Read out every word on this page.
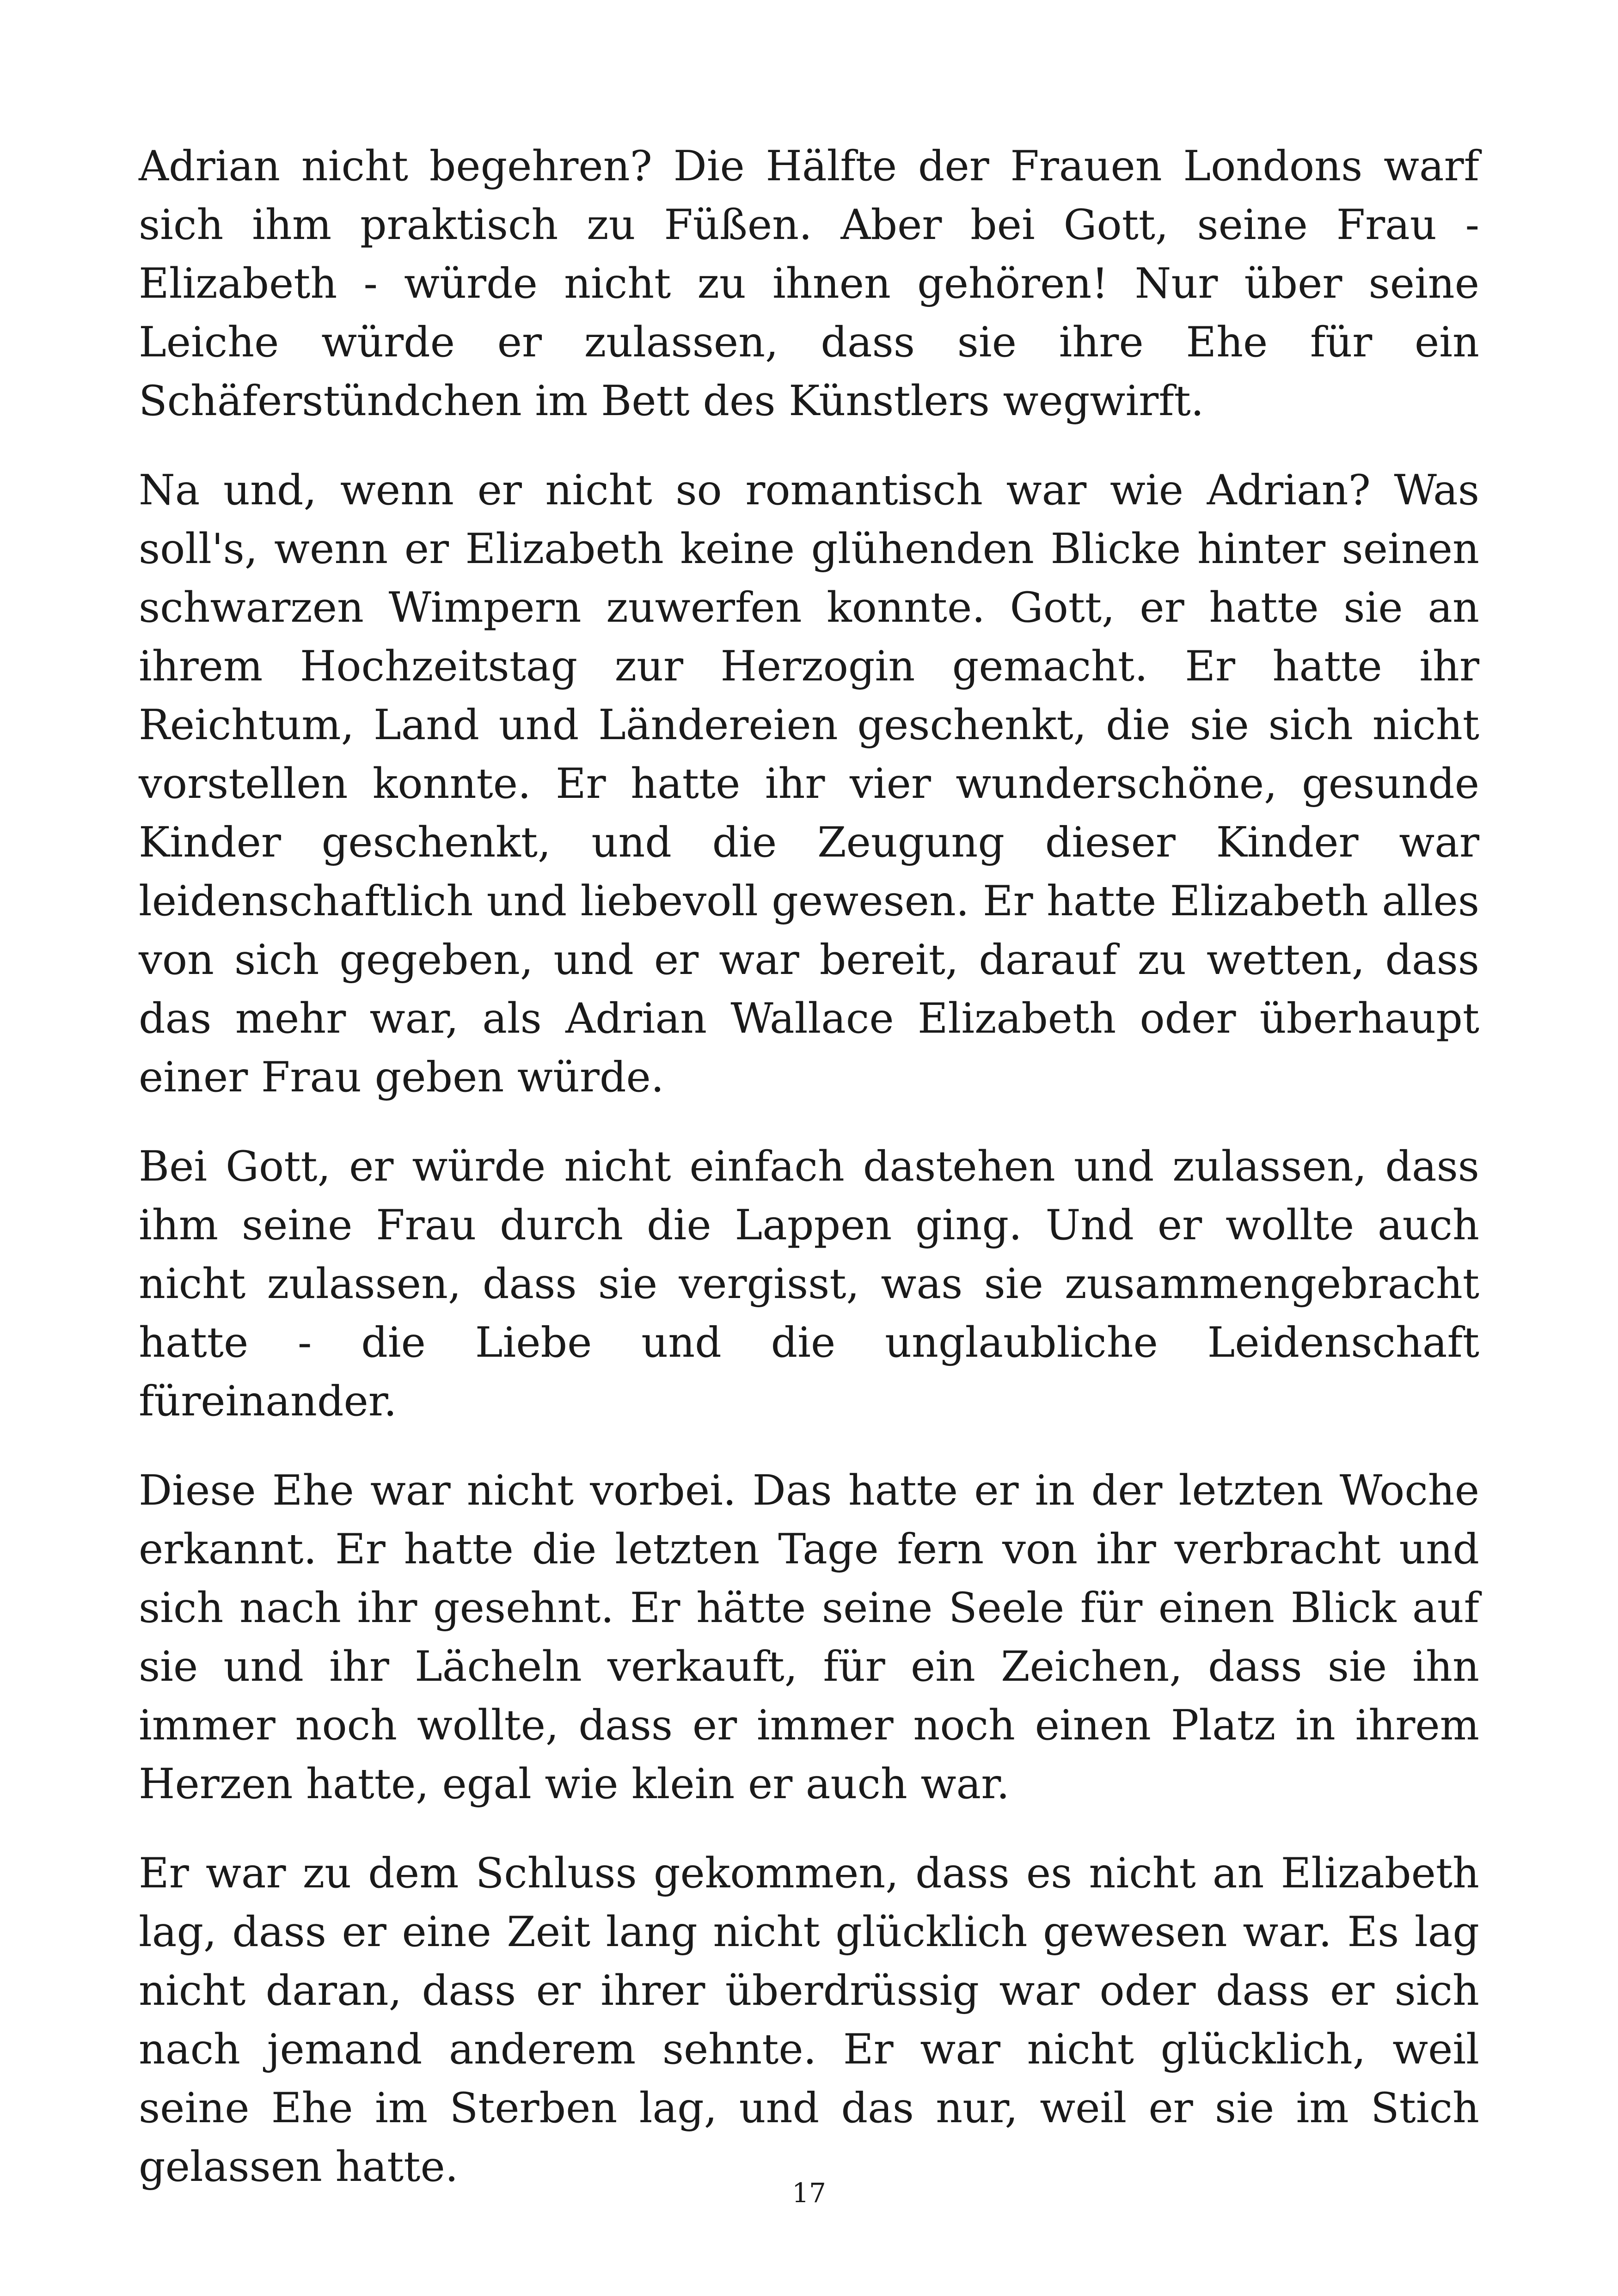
Adrian nicht begehren? Die Hälfte der Frauen Londons warf sich ihm praktisch zu Füßen. Aber bei Gott, seine Frau - Elizabeth - würde nicht zu ihnen gehören! Nur über seine Leiche würde er zulassen, dass sie ihre Ehe für ein Schäferstündchen im Bett des Künstlers wegwirft.

Na und, wenn er nicht so romantisch war wie Adrian? Was soll's, wenn er Elizabeth keine glühenden Blicke hinter seinen schwarzen Wimpern zuwerfen konnte. Gott, er hatte sie an ihrem Hochzeitstag zur Herzogin gemacht. Er hatte ihr Reichtum, Land und Ländereien geschenkt, die sie sich nicht vorstellen konnte. Er hatte ihr vier wunderschöne, gesunde Kinder geschenkt, und die Zeugung dieser Kinder war leidenschaftlich und liebevoll gewesen. Er hatte Elizabeth alles von sich gegeben, und er war bereit, darauf zu wetten, dass das mehr war, als Adrian Wallace Elizabeth oder überhaupt einer Frau geben würde.

Bei Gott, er würde nicht einfach dastehen und zulassen, dass ihm seine Frau durch die Lappen ging. Und er wollte auch nicht zulassen, dass sie vergisst, was sie zusammengebracht hatte - die Liebe und die unglaubliche Leidenschaft füreinander.

Diese Ehe war nicht vorbei. Das hatte er in der letzten Woche erkannt. Er hatte die letzten Tage fern von ihr verbracht und sich nach ihr gesehnt. Er hätte seine Seele für einen Blick auf sie und ihr Lächeln verkauft, für ein Zeichen, dass sie ihn immer noch wollte, dass er immer noch einen Platz in ihrem Herzen hatte, egal wie klein er auch war.

Er war zu dem Schluss gekommen, dass es nicht an Elizabeth lag, dass er eine Zeit lang nicht glücklich gewesen war. Es lag nicht daran, dass er ihrer überdrüssig war oder dass er sich nach jemand anderem sehnte. Er war nicht glücklich, weil seine Ehe im Sterben lag, und das nur, weil er sie im Stich gelassen hatte.

17
